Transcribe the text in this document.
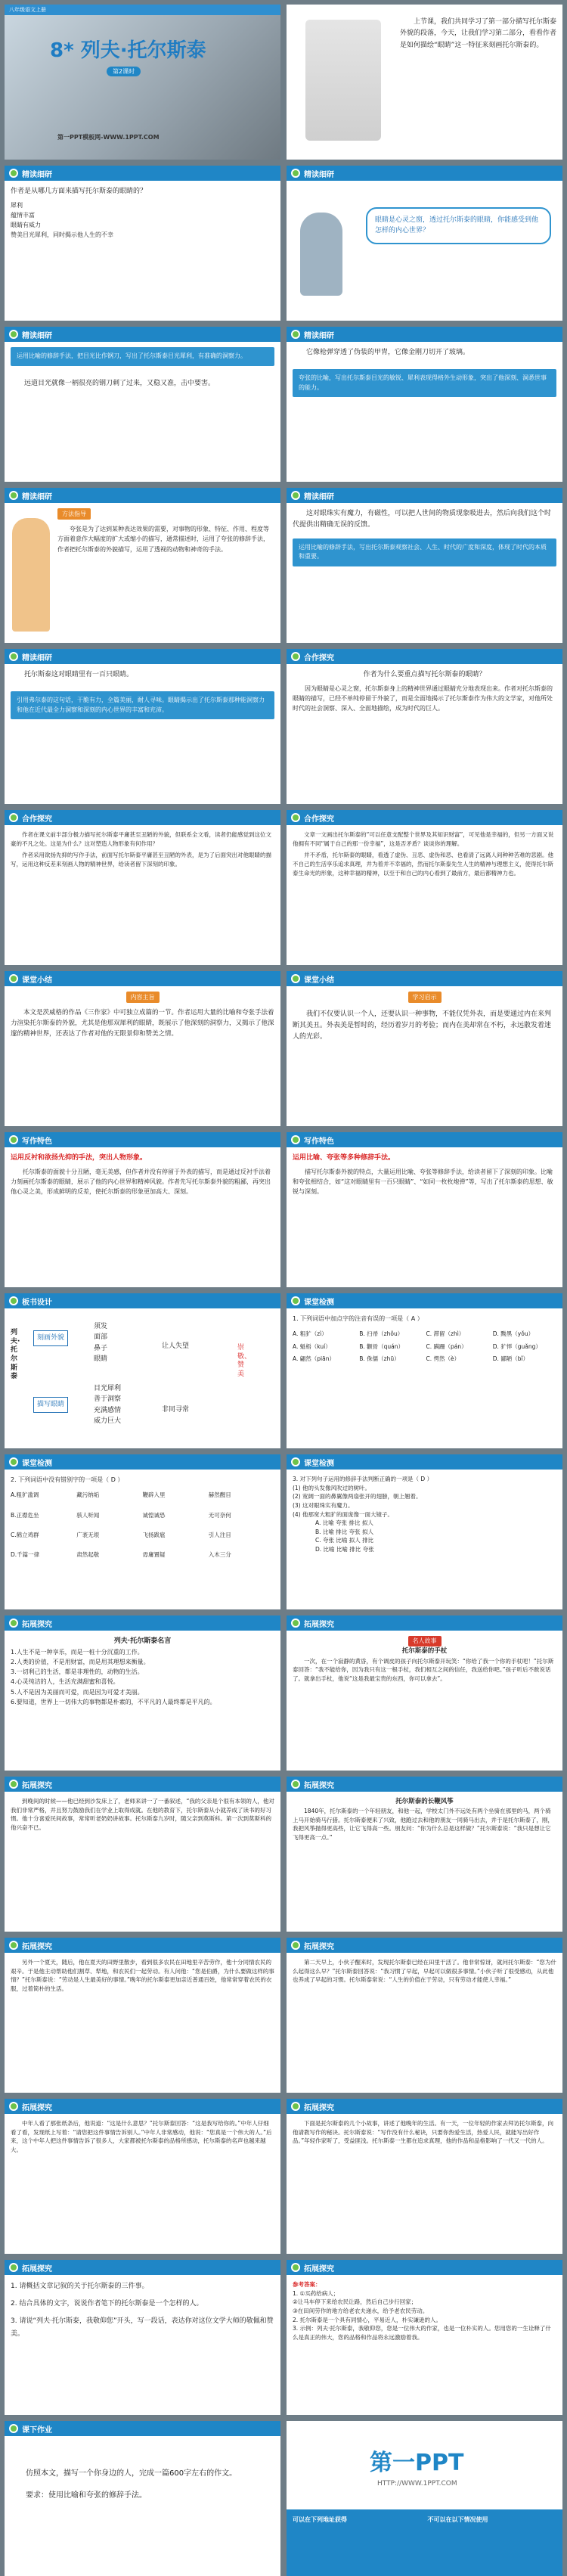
八年级语文上册
8* 列夫·托尔斯泰
第2课时
第一PPT模板网-WWW.1PPT.COM
上节课，我们共同学习了第一部分描写托尔斯泰外貌的段落，今天，让我们学习第二部分，看看作者是如何描绘“眼睛”这一特征来刻画托尔斯泰的。
精读细研
作者是从哪几方面来描写托尔斯泰的眼睛的？
犀利
蕴情丰富
眼睛有威力
赞美目光犀利，同时揭示他人生的不幸
精读细研
眼睛是心灵之窗，透过托尔斯泰的眼睛，你能感受到他怎样的内心世界？
精读细研
运用比喻的修辞手法，把目光比作钢刀，写出了托尔斯泰目光犀利，有准确的洞察力。
远道目光就像一柄很亮的钢刀刺了过来，又稳又准，击中要害。
精读细研
它像枪弹穿透了伪装的甲胄，它像金刚刀切开了玻璃。
夸张的比喻，写出托尔斯泰目光的敏锐、犀利表现得格外生动形象，突出了他深刻、洞悉世事的能力。
精读细研
方法指导
夸张是为了达到某种表达效果的需要，对事物的形象、特征、作用、程度等方面着意作大幅度的扩大或缩小的描写，通常描述时，运用了夸张的修辞手法，作者把托尔斯泰的外貌描写，运用了透视的动物和神奇的手法。
精读细研
这对眼珠实有魔力，有磁性，可以把人世间的物质现象吸进去，然后向我们这个时代提供出精确无误的反馈。
运用比喻的修辞手法，写出托尔斯泰观察社会、人生、时代的广度和深度，体现了时代的本质和重要。
精读细研
托尔斯泰这对眼睛里有一百只眼睛。
引用弗尔泰的这句话，干脆有力，全篇美丽，耐人寻味。眼睛揭示出了托尔斯泰那种能洞察力和他在近代最全力洞察和深刻的内心世界的丰富和充沛。
合作探究
作者为什么要重点描写托尔斯泰的眼睛？
因为眼睛是心灵之窗，托尔斯泰身上的精神世界通过眼睛充分地表现出来。作者对托尔斯泰的眼睛的描写，已经不单纯停留于外貌了，而是全面地揭示了托尔斯泰作为伟大的文学家，对他所处时代的社会洞察、深入、全面地描绘，成为时代的巨人。
合作探究
作者在课文前半部分极力描写托尔斯泰平庸甚至丑陋的外貌，但联系全文看，读者仍能感觉到这位文豪的不凡之处。这是为什么？这对塑造人物形象有何作用？
作者采用欲扬先抑的写作手法，前面写托尔斯泰平庸甚至丑陋的外表，是为了后面突出对他眼睛的描写，运用这种反差来刻画人物的精神世界，给读者留下深刻的印象。
合作探究
文章一文画出托尔斯泰的“可以任意支配整个世界及其知识财富”，可见他是幸福的，但另一方面又说他拥有不同“属于自己的那一份幸福”，这是否矛盾？谈谈你的理解。
并不矛盾，托尔斯泰的眼睛，看透了虚伪、丑恶、虚伪和恶、也看清了远离人间种种苦难的悲剧。他不自己的生活享乐追求真理，并为着并不幸福的，然而托尔斯泰先生人生的精神与理想主义，使得托尔斯泰生命光的形象，这种幸福的精神，以至于和自己的内心看到了最前方，最后都精神力也。
课堂小结
内容主旨
本文是茨威格的作品《三作家》中可独立成篇的一节。作者运用大量的比喻和夸张手法着力渲染托尔斯泰的外貌，尤其是他那双犀利的眼睛，既展示了他深刻的洞察力，又揭示了他深邃的精神世界，还表达了作者对他的无限景仰和赞美之情。
课堂小结
学习启示
我们不仅要认识一个人，还要认识一种事物，不能仅凭外表，而是要通过内在来判断其美丑。外表美是暂时的，经历着岁月的考验；而内在美却常在不朽，永远散发着迷人的光彩。
写作特色
运用反衬和欲扬先抑的手法，突出人物形象。
托尔斯泰的面貌十分丑陋，毫无美感，但作者并没有停留于外表的描写，而是通过反衬手法着力刻画托尔斯泰的眼睛，展示了他的内心世界和精神风貌。作者先写托尔斯泰外貌的粗鄙，再突出他心灵之美，形成鲜明的反差，使托尔斯泰的形象更加高大、深刻。
写作特色
运用比喻、夸张等多种修辞手法。
描写托尔斯泰外貌的特点，大量运用比喻、夸张等修辞手法，给读者留下了深刻的印象。比喻和夸张相结合，如“这对眼睛里有一百只眼睛”、“如同一枚枚炮弹”等，写出了托尔斯泰的思想、敏锐与深刻。
板书设计
列夫·托尔斯泰
刻画外貌
描写眼睛
须发
面部
鼻子
眼睛
目光犀利
善于洞察
充满感情
威力巨大
让人失望
非同寻常
崇敬、赞美
课堂检测
1. 下列词语中加点字的注音有误的一项是（ A ）
A. 粗犷（zì）	B. 扫帚（zhǒu）	C. 滞留（zhì）	D. 黝黑（yǒu）
A. 魁梧（kuí）	B. 颧骨（quán）	C. 蹒跚（pán）	D. 犷悍（guǎng）
A. 翩然（piān）	B. 侏儒（zhū）	C. 愕然（è）	D. 鄙陋（bǐ）
课堂检测
2. 下列词语中没有错别字的一项是（ D ）
A.粗犷滥调	藏污纳垢	鞭辟入里	赫然醒目
B.正襟危坐	骇人听闻	诚惶诚恐	无可奈何
C.鹤立鸡群	广袤无垠	飞扬跋扈	引人注目
D.千篇一律	肃然起敬	毋庸置疑	入木三分
课堂检测
3. 对下列句子运用的修辞手法判断正确的一项是（ D ）
(1) 他的头发像风吹过的树叶。
(2) 宽阔一面的鼻翼像两扇张开的翅膀，朝上翘着。
(3) 这对眼珠实有魔力。
(4) 他那宽大粗犷的面庞像一面大镜子。
A. 比喻 夸张 排比 拟人
B. 比喻 排比 夸张 拟人
C. 夸张 比喻 拟人 排比
D. 比喻 比喻 排比 夸张
拓展探究
列夫·托尔斯泰名言
1.人生不是一种享乐，而是一桩十分沉重的工作。
2.人类的价值，不是用财富，而是用其理想来衡量。
3.一切利己的生活，都是非理性的，动物的生活。
4.心灵纯洁的人，生活充满甜蜜和喜悦。
5.人不是因为美丽而可爱，而是因为可爱才美丽。
6.要知道，世界上一切伟大的事物都是朴素的，不平凡的人最终都是平凡的。
拓展探究
名人故事
托尔斯泰的手杖
一次，在一个寂静的黄昏，有个调皮的孩子向托尔斯泰开玩笑：“你给了我一个你的手杖吧！”托尔斯泰回答：“我不能给你，因为我只有这一根手杖，我们相互之间的信任，我送给你吧。”孩子听后不敢说话了。就拿出手杖，他说“这是我最宝贵的东西，你可以拿去”。
拓展探究
到晚间的时候——他已经到沙发床上了，老师来讲一了一番叙述，“我的父亲是个很有本领的人，他对我们非常严格，并且努力鼓励我们在学业上取得成就。在他的教育下，托尔斯泰从小就养成了读书的好习惯。他十分喜爱民间故事，常常听老奶奶讲故事。托尔斯泰九岁时，随父亲到莫斯科。第一次到莫斯科的他兴奋不已。
拓展探究
托尔斯泰的长鞭风筝
1840年，托尔斯泰的一个年轻朋友，和他一起，学校太门外不远处有两个坐骑在那里的马，两个骑上马开始骑马行猎。托尔斯泰便来了兴致，他跑过去和他的朋友一同骑马出去，并于是托尔斯泰了，刚，我把风筝抛得更高些，让它飞得高一些。朋友问：“你为什么总是这样做？”托尔斯泰说：“我只是想让它飞得更高一点。”
拓展探究
另外一个夏天，随后，他在夏天的田野里散步，看到很多农民在田地里辛苦劳作，他十分同情农民的艰辛。于是他主动帮助他们割草、犁地，和农民们一起劳动。有人问他：“您是伯爵，为什么要做这样的事情？”托尔斯泰说：“劳动是人生最美好的事情。”晚年的托尔斯泰更加亲近普通百姓，他常常穿着农民的衣服，过着简朴的生活。
拓展探究
第二天早上，小伙子醒来时，发现托尔斯泰已经在田里干活了。他非常惊讶，就问托尔斯泰：“您为什么起得这么早？”托尔斯泰回答说：“我习惯了早起，早起可以做很多事情。”小伙子听了很受感动，从此他也养成了早起的习惯。托尔斯泰常说：“人生的价值在于劳动，只有劳动才能使人幸福。”
拓展探究
中年人看了那张纸条后，他说道：“这是什么意思？”托尔斯泰回答：“这是我写给你的。”中年人仔细看了看，发现纸上写着：“请您把这件事情告诉别人。”中年人非常感动，他说：“您真是一个伟大的人。”后来，这个中年人把这件事情告诉了很多人，大家都被托尔斯泰的品格所感动，托尔斯泰的名声也越来越大。
拓展探究
下面是托尔斯泰的几个小故事，讲述了他晚年的生活。有一天，一位年轻的作家去拜访托尔斯泰，向他请教写作的秘诀。托尔斯泰说：“写作没有什么秘诀，只要你热爱生活，热爱人民，就能写出好作品。”年轻作家听了，受益匪浅。托尔斯泰一生都在追求真理，他的作品和品格影响了一代又一代的人。
拓展探究
1. 请概括文章记叙的关于托尔斯泰的三件事。
2. 结合具体的文字，说说作者笔下的托尔斯泰是一个怎样的人。
3. 请说“列夫·托尔斯泰，我敬仰您”开头，写一段话，表达你对这位文学大师的敬佩和赞美。
拓展探究
参考答案：
1. ①买药给病人；
②让马车停下来给农民让路，然后自己步行回家；
③在田间劳作的地方给老农夫递水，给予老农民劳动。
2. 托尔斯泰是一个具有同情心，平易近人，朴实谦逊的人。
3. 示例：列夫·托尔斯泰，我敬仰您，您是一位伟大的作家，也是一位朴实的人。您用您的一生诠释了什么是真正的伟大，您的品格和作品将永远激励着我。
课下作业
仿照本文，描写一个你身边的人，完成一篇600字左右的作文。
要求：使用比喻和夸张的修辞手法。
第一PPT
HTTP://WWW.1PPT.COM
可以在下列地址获得	不可以在以下情况使用
